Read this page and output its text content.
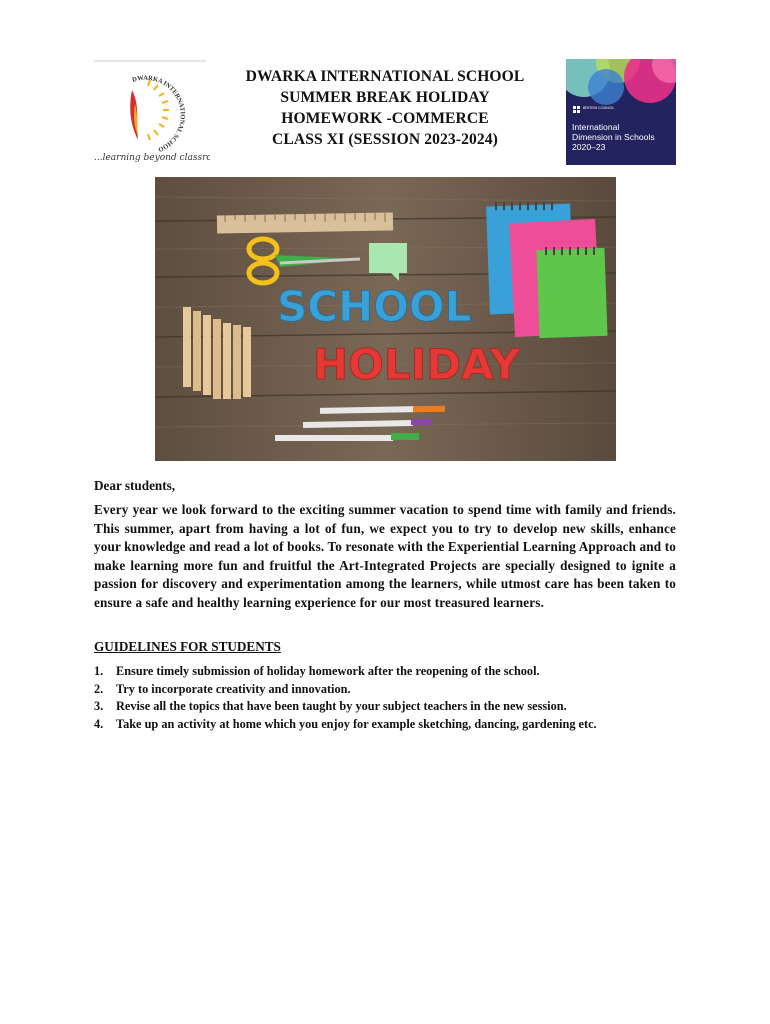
DWARKA INTERNATIONAL SCHOO
...learning beyond classr
DWARKA INTERNATIONAL SCHOOL
SUMMER BREAK HOLIDAY
HOMEWORK -COMMERCE
CLASS XI (SESSION 2023-2024)
BRITISH COUNCIL
International
Dimension in Schools
2020–23
SCHOOL
HOLIDAY
Dear students,
Every year we look forward to the exciting summer vacation to spend time with family and friends. This summer, apart from having a lot of fun, we expect you to try to develop new skills, enhance your knowledge and read a lot of books. To resonate with the Experiential Learning Approach and to make learning more fun and fruitful the Art-Integrated Projects are specially designed to ignite a passion for discovery and experimentation among the learners, while utmost care has been taken to ensure a safe and healthy learning experience for our most treasured learners.
GUIDELINES FOR STUDENTS
1. Ensure timely submission of holiday homework after the reopening of the school.
2. Try to incorporate creativity and innovation.
3. Revise all the topics that have been taught by your subject teachers in the new session.
4. Take up an activity at home which you enjoy for example sketching, dancing, gardening etc.
